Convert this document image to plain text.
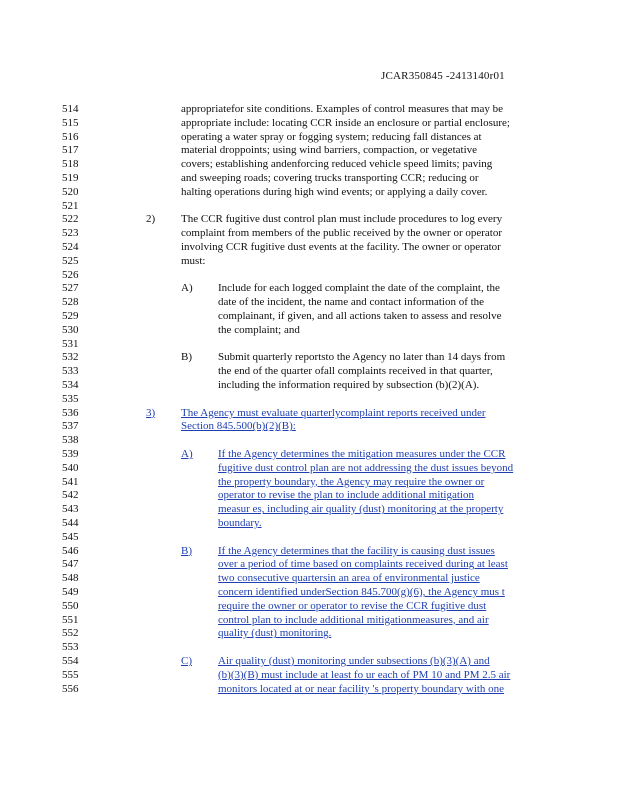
JCAR350845 -2413140r01
514	appropriatefor site conditions. Examples of control measures that may be
515	appropriate include: locating CCR inside an enclosure or partial enclosure;
516	operating a water spray or fogging system; reducing fall distances at
517	material droppoints; using wind barriers, compaction, or vegetative
518	covers; establishing andenforcing reduced vehicle speed limits; paving
519	and sweeping roads; covering trucks transporting CCR; reducing or
520	halting operations during high wind events; or applying a daily cover.
521
522	2) The CCR fugitive dust control plan must include procedures to log every
523	complaint from members of the public received by the owner or operator
524	involving CCR fugitive dust events at the facility. The owner or operator
525	must:
526
527	A) Include for each logged complaint the date of the complaint, the
528	date of the incident, the name and contact information of the
529	complainant, if given, and all actions taken to assess and resolve
530	the complaint; and
531
532	B) Submit quarterly reportsto the Agency no later than 14 days from
533	the end of the quarter ofall complaints received in that quarter,
534	including the information required by subsection (b)(2)(A).
535
536	3) The Agency must evaluate quarterlycomplaint reports received under
537	Section 845.500(b)(2)(B):
538
539	A) If the Agency determines the mitigation measures under the CCR
540	fugitive dust control plan are not addressing the dust issues beyond
541	the property boundary, the Agency may require the owner or
542	operator to revise the plan to include additional mitigation
543	measur es, including air quality (dust) monitoring at the property
544	boundary.
545
546	B) If the Agency determines that the facility is causing dust issues
547	over a period of time based on complaints received during at least
548	two consecutive quartersin an area of environmental justice
549	concern identified underSection 845.700(g)(6), the Agency mus t
550	require the owner or operator to revise the CCR fugitive dust
551	control plan to include additional mitigationmeasures, and air
552	quality (dust) monitoring.
553
554	C) Air quality (dust) monitoring under subsections (b)(3)(A) and
555	(b)(3)(B) must include at least fo ur each of PM 10 and PM 2.5 air
556	monitors located at or near facility 's property boundary with one
